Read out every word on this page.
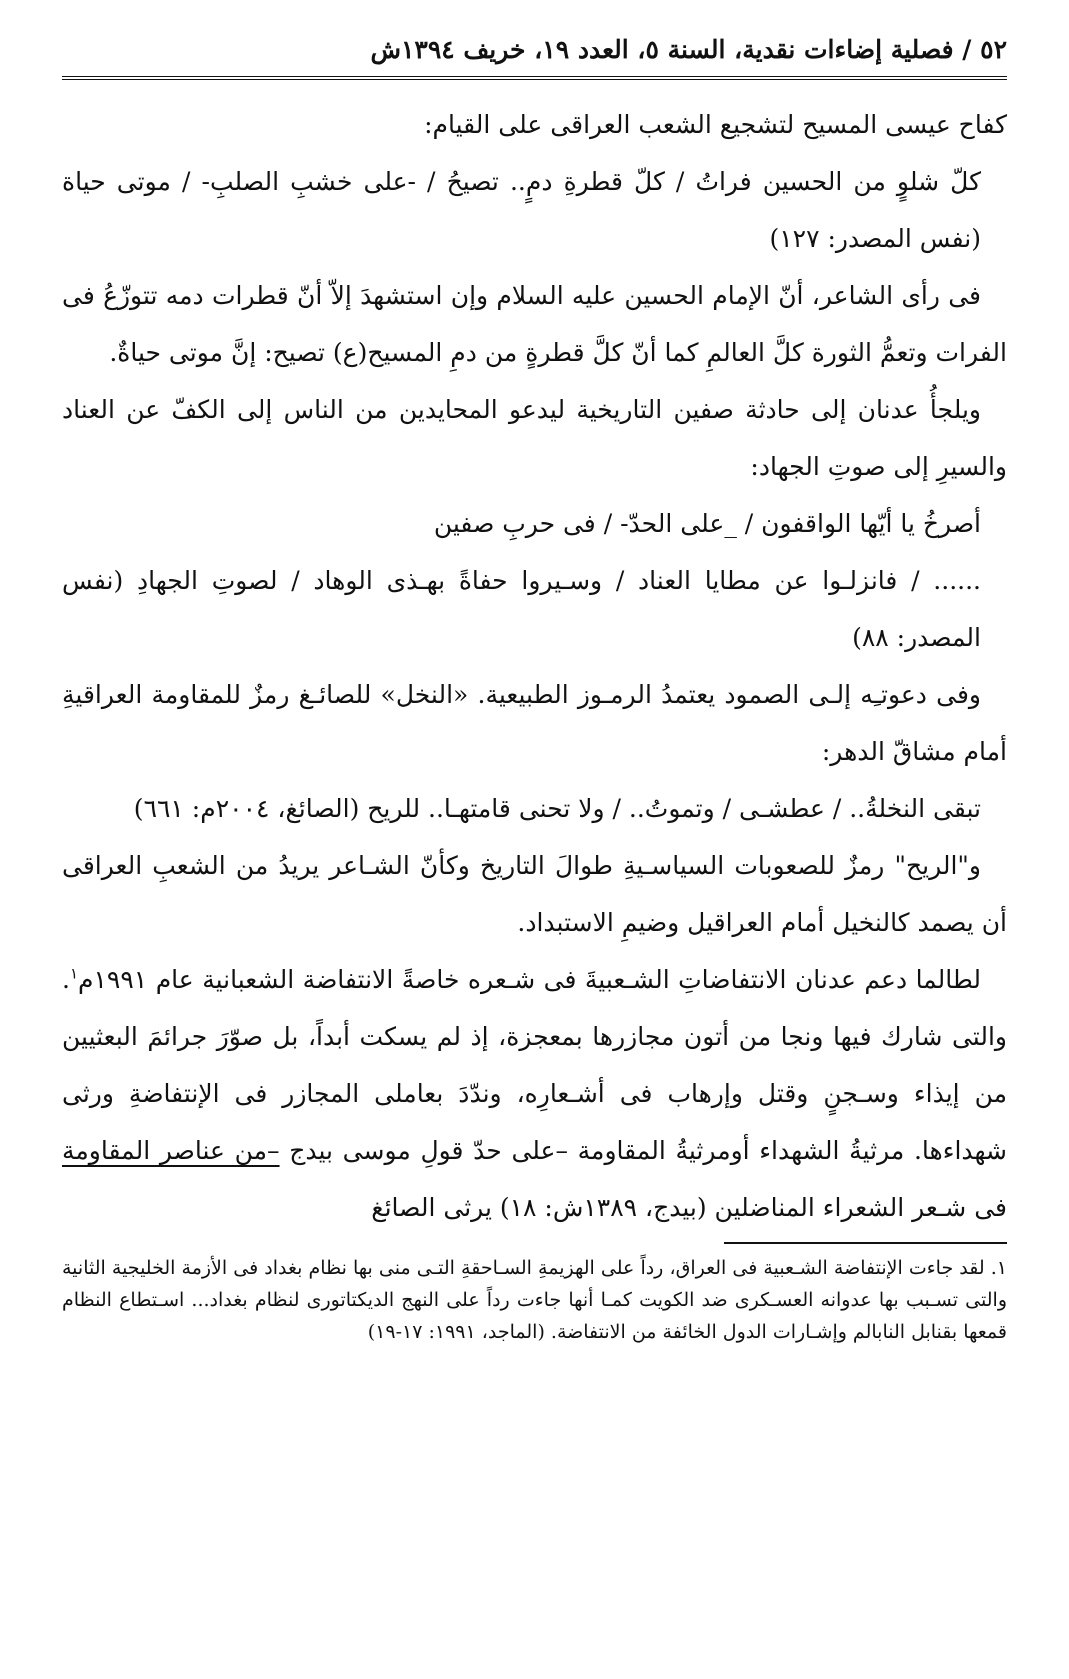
٥٢ / فصلية إضاءات نقدية، السنة ٥، العدد ١٩، خريف ١٣٩٤ش

كفاح عيسى المسيح لتشجيع الشعب العراقى على القيام:

كلّ شلوٍ من الحسين فراتُ / كلّ قطرةِ دمٍ.. تصيحُ / -على خشبِ الصلبِ- / موتى حياة (نفس المصدر: ١٢٧)

فى رأى الشاعر، أنّ الإمام الحسين عليه السلام وإن استشهدَ إلاّ أنّ قطرات دمه تتوزّعُ فى الفرات وتعمُّ الثورة كلَّ العالمِ كما أنّ كلَّ قطرةٍ من دمِ المسيح(ع) تصيح: إنَّ موتى حياةٌ.

ويلجأُ عدنان إلى حادثة صفين التاريخية ليدعو المحايدين من الناس إلى الكفّ عن العناد والسيرِ إلى صوتِ الجهاد:

أصرخُ يا أيّها الواقفون / _على الحدّ- / فى حربِ صفين

...... / فانزلـوا عن مطايا العناد / وسـيروا حفاةً بهـذى الوهاد / لصوتِ الجهادِ (نفس المصدر: ٨٨)

وفى دعوتـِه إلـى الصمود يعتمدُ الرمـوز الطبيعية. «النخل» للصائـغ رمزٌ للمقاومة العراقيةِ أمام مشاقّ الدهر:

تبقى النخلةُ.. / عطشـى / وتموتُ.. / ولا تحنى قامتهـا.. للريح (الصائغ، ٢٠٠٤م: ٦٦١)

و"الريح" رمزٌ للصعوبات السياسـيةِ طوالَ التاريخ وكأنّ الشـاعر يريدُ من الشعبِ العراقى أن يصمد كالنخيل أمام العراقيل وضيمِ الاستبداد.

لطالما دعم عدنان الانتفاضاتِ الشـعبيةَ فى شـعره خاصةً الانتفاضة الشعبانية عام ١٩٩١م$^١$. والتى شارك فيها ونجا من أتون مجازرها بمعجزة، إذ لم يسكت أبداً، بل صوّرَ جرائمَ البعثيين من إيذاء وسـجنٍ وقتل وإرهاب فى أشـعارِه، وندّدَ بعاملى المجازر فى الإنتفاضةِ ورثى شهداءها. مرثيةُ الشهداء أومرثيةُ المقاومة –على حدّ قولِ موسى بيدج –من عناصر المقاومة فى شـعر الشعراء المناضلين (بيدج، ١٣٨٩ش: ١٨) يرثى الصائغ

١. لقد جاءت الإنتفاضة الشـعبية فى العراق، رداً على الهزيمةِ السـاحقةِ التـى منى بها نظام بغداد فى الأزمة الخليجية الثانية والتى تسـبب بها عدوانه العسـكرى ضد الكويت كمـا أنها جاءت رداً على النهج الديكتاتورى لنظام بغداد... اسـتطاع النظام قمعها بقنابل النابالم وإشـارات الدول الخائفة من الانتفاضة. (الماجد، ١٩٩١: ١٧-١٩)
